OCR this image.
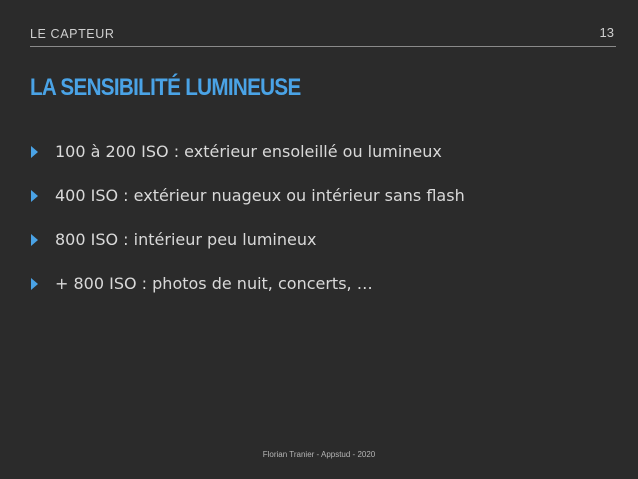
LE CAPTEUR	13
LA SENSIBILITÉ LUMINEUSE
100 à 200 ISO : extérieur ensoleillé ou lumineux
400 ISO : extérieur nuageux ou intérieur sans flash
800 ISO : intérieur peu lumineux
+ 800 ISO : photos de nuit, concerts, …
Florian Tranier - Appstud - 2020
